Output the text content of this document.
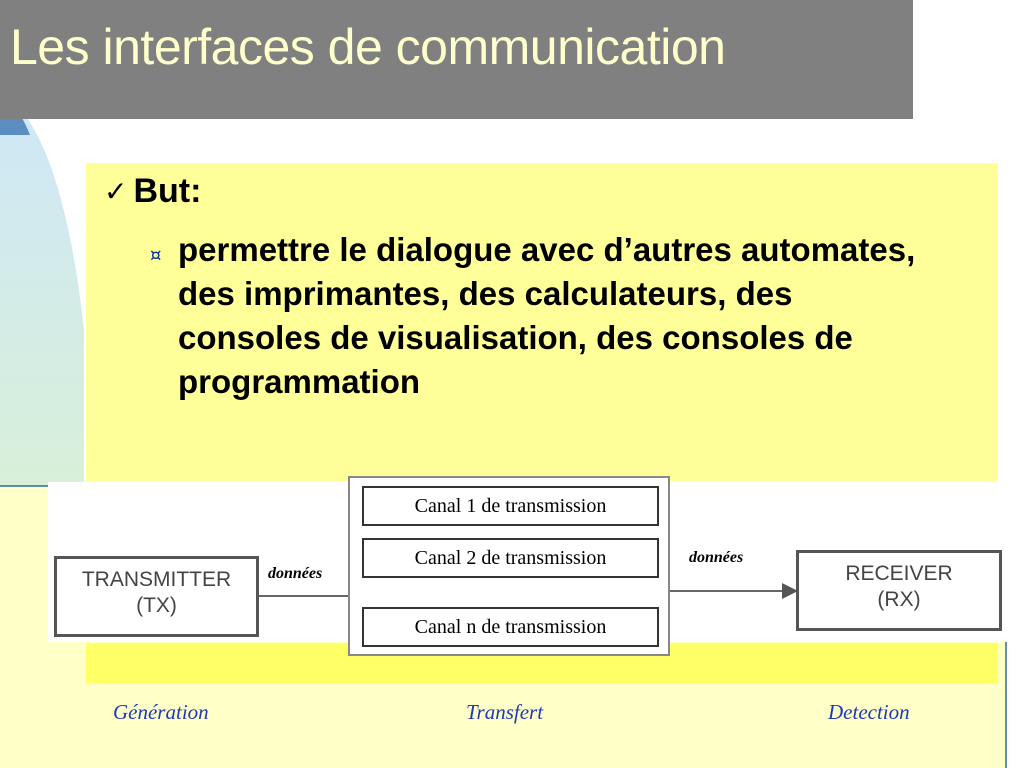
Les interfaces de communication
✓ But:
¤ permettre le dialogue avec d’autres automates, des imprimantes, des calculateurs, des consoles de visualisation, des consoles de programmation
Canal 1 de transmission
Canal 2 de transmission
Canal n de transmission
TRANSMITTER
(TX)
RECEIVER
(RX)
données
données
Génération	Transfert	Detection
